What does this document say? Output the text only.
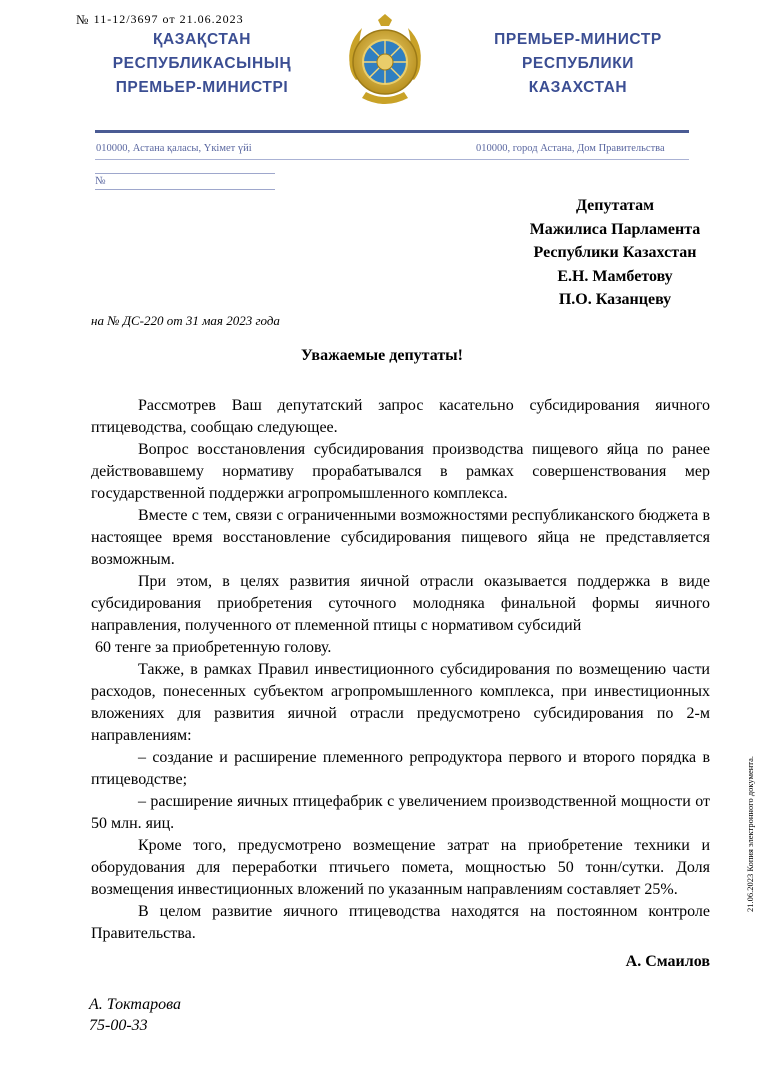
№ 11-12/3697 от 21.06.2023
ҚАЗАҚСТАН
РЕСПУБЛИКАСЫНЫҢ
ПРЕМЬЕР-МИНИСТРІ
ПРЕМЬЕР-МИНИСТР
РЕСПУБЛИКИ
КАЗАХСТАН
010000, Астана қаласы, Үкімет үйі	010000, город Астана, Дом Правительства
№
Депутатам
Мажилиса Парламента
Республики Казахстан
Е.Н. Мамбетову
П.О. Казанцеву
на № ДС-220 от 31 мая 2023 года
Уважаемые депутаты!

Рассмотрев Ваш депутатский запрос касательно субсидирования яичного птицеводства, сообщаю следующее.

Вопрос восстановления субсидирования производства пищевого яйца по ранее действовавшему нормативу прорабатывался в рамках совершенствования мер государственной поддержки агропромышленного комплекса.

Вместе с тем, связи с ограниченными возможностями республиканского бюджета в настоящее время восстановление субсидирования пищевого яйца не представляется возможным.

При этом, в целях развития яичной отрасли оказывается поддержка в виде субсидирования приобретения суточного молодняка финальной формы яичного направления, полученного от племенной птицы с нормативом субсидий

60 тенге за приобретенную голову.

Также, в рамках Правил инвестиционного субсидирования по возмещению части расходов, понесенных субъектом агропромышленного комплекса, при инвестиционных вложениях для развития яичной отрасли предусмотрено субсидирования по 2-м направлениям:

– создание и расширение племенного репродуктора первого и второго порядка в птицеводстве;

– расширение яичных птицефабрик с увеличением производственной мощности от 50 млн. яиц.

Кроме того, предусмотрено возмещение затрат на приобретение техники и оборудования для переработки птичьего помета, мощностью 50 тонн/сутки. Доля возмещения инвестиционных вложений по указанным направлениям составляет 25%.

В целом развитие яичного птицеводства находятся на постоянном контроле Правительства.

А. Смаилов
А. Токтарова
75-00-33
21.06.2023 Копия электронного документа.
